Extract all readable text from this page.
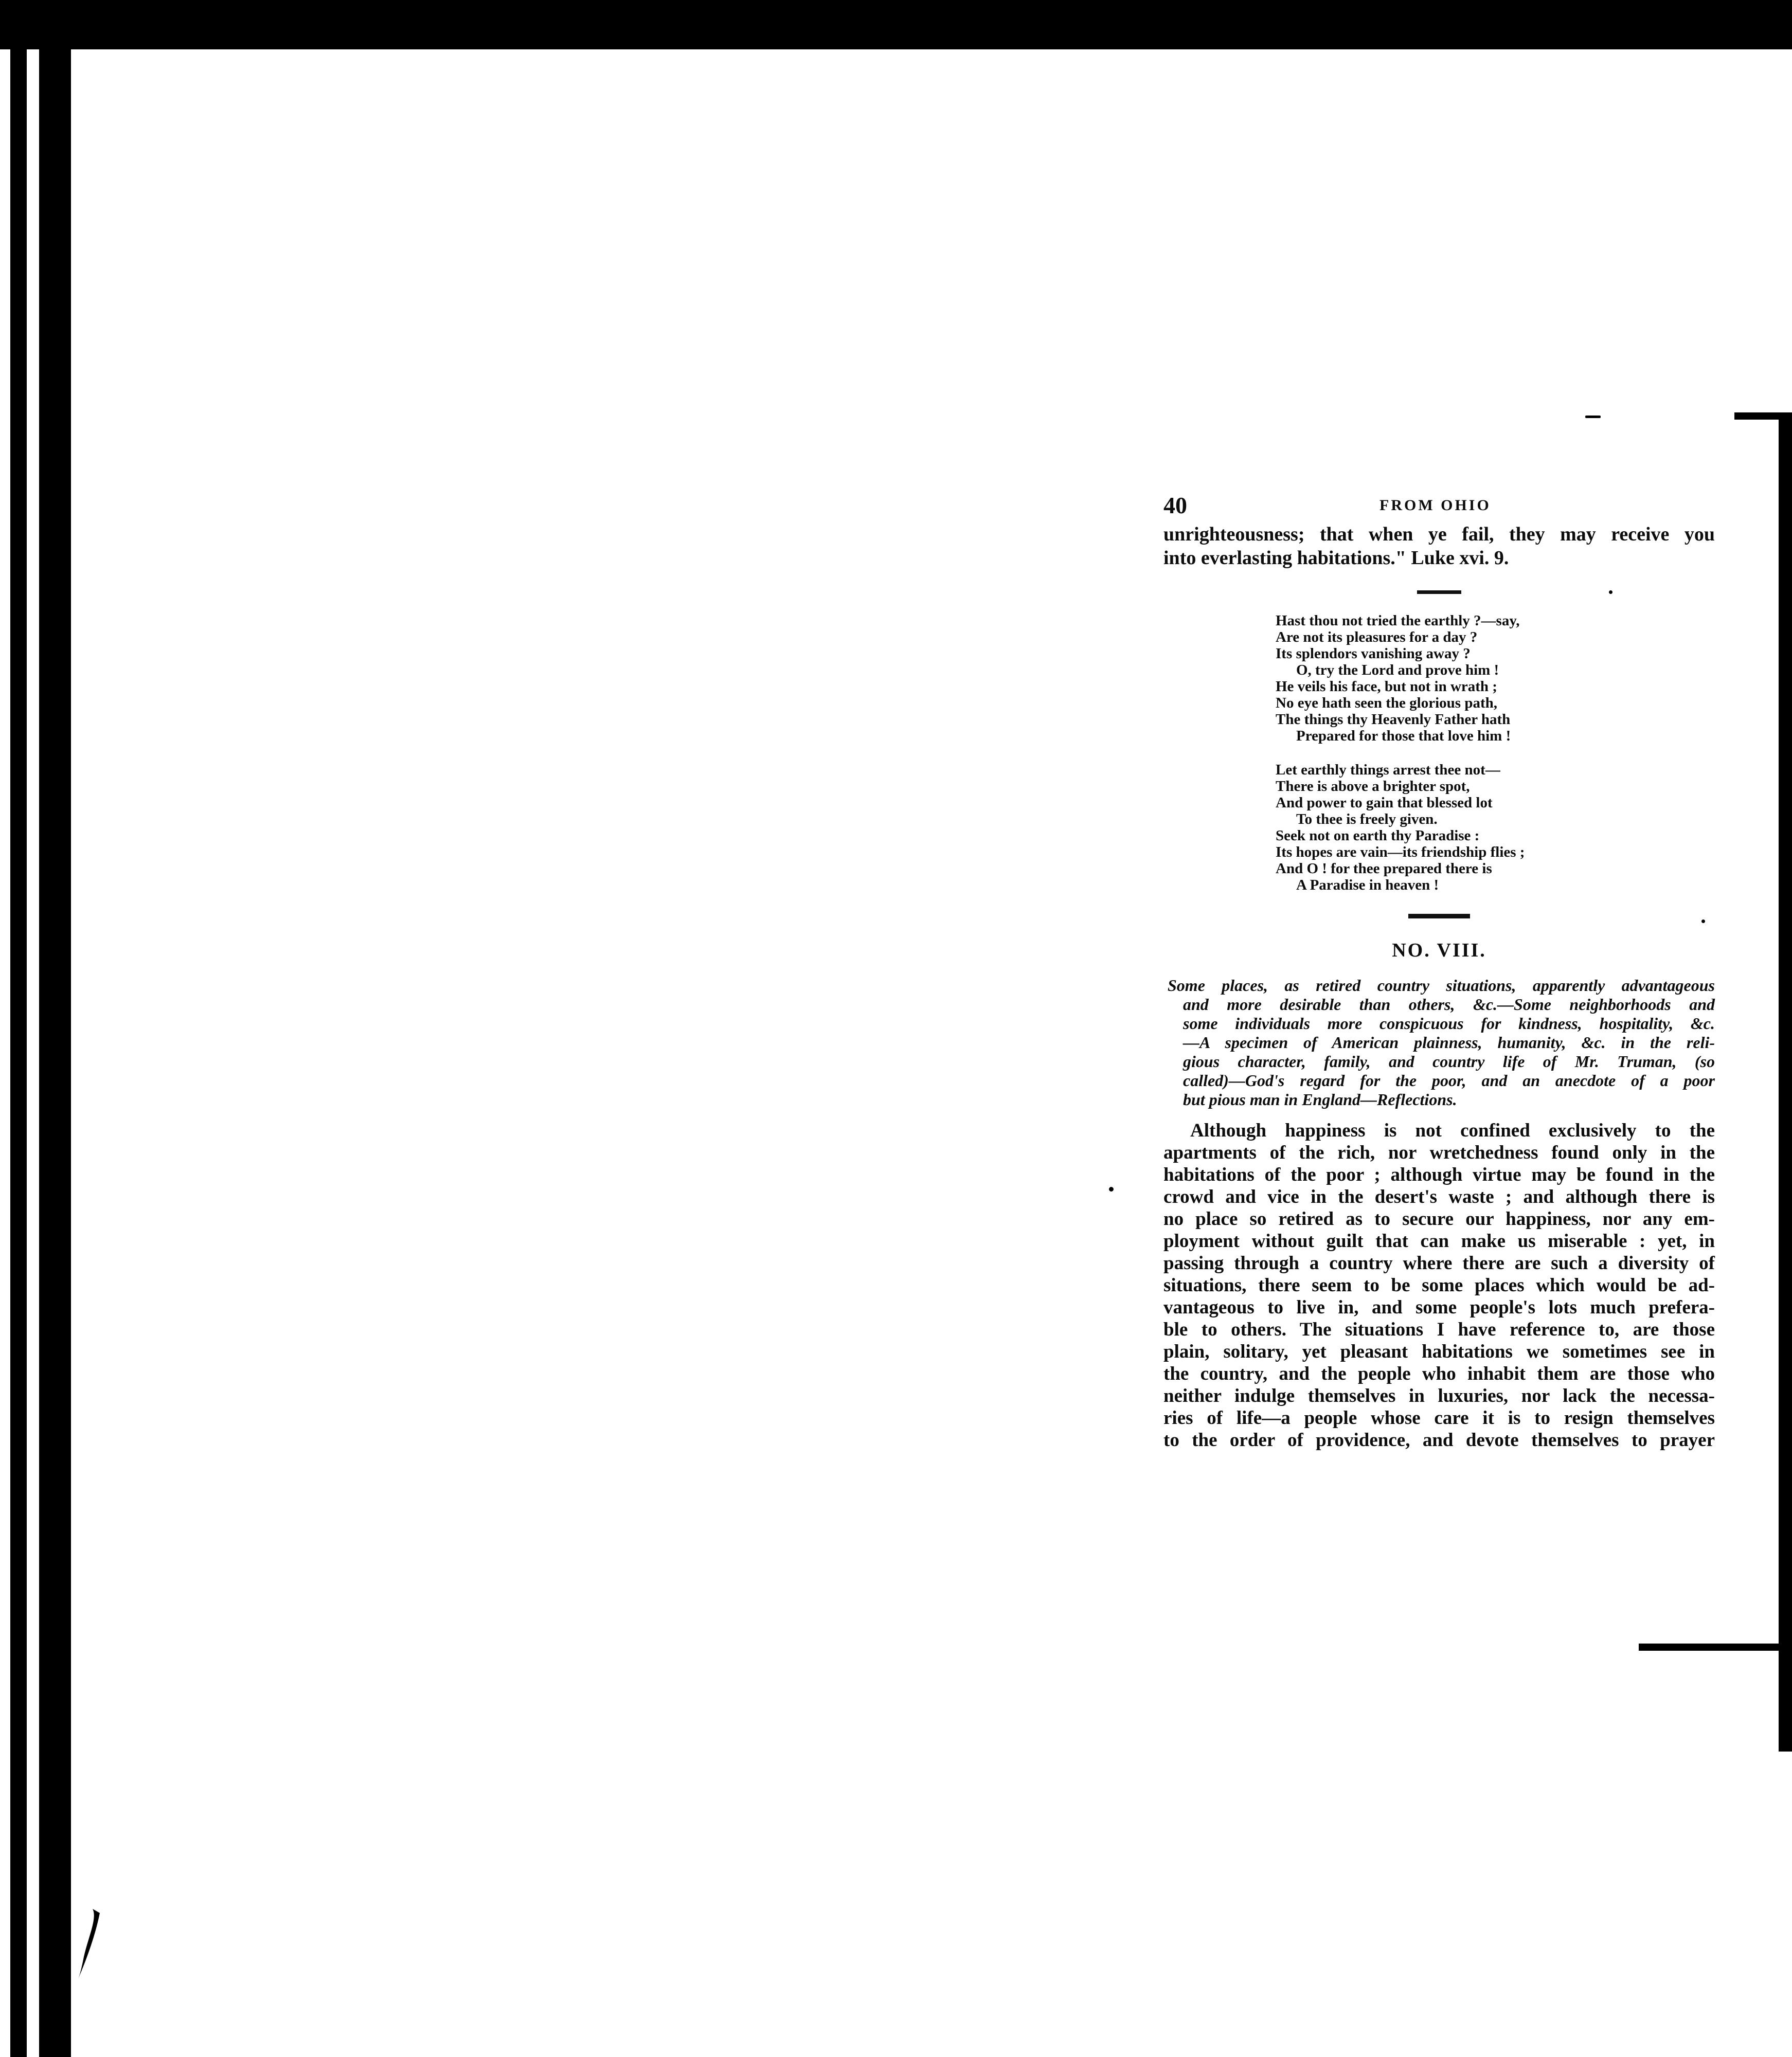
40	FROM OHIO
unrighteousness; that when ye fail, they may receive you
into everlasting habitations." Luke xvi. 9.
Hast thou not tried the earthly ?—say,
Are not its pleasures for a day ?
Its splendors vanishing away ?
O, try the Lord and prove him !
He veils his face, but not in wrath ;
No eye hath seen the glorious path,
The things thy Heavenly Father hath
Prepared for those that love him !
Let earthly things arrest thee not—
There is above a brighter spot,
And power to gain that blessed lot
To thee is freely given.
Seek not on earth thy Paradise :
Its hopes are vain—its friendship flies ;
And O ! for thee prepared there is
A Paradise in heaven !
NO. VIII.
Some places, as retired country situations, apparently advantageous
and more desirable than others, &c.—Some neighborhoods and
some individuals more conspicuous for kindness, hospitality, &c.
—A specimen of American plainness, humanity, &c. in the reli-
gious character, family, and country life of Mr. Truman, (so
called)—God's regard for the poor, and an anecdote of a poor
but pious man in England—Reflections.
Although happiness is not confined exclusively to the
apartments of the rich, nor wretchedness found only in the
habitations of the poor ; although virtue may be found in the
crowd and vice in the desert's waste ; and although there is
no place so retired as to secure our happiness, nor any em-
ployment without guilt that can make us miserable : yet, in
passing through a country where there are such a diversity of
situations, there seem to be some places which would be ad-
vantageous to live in, and some people's lots much prefera-
ble to others. The situations I have reference to, are those
plain, solitary, yet pleasant habitations we sometimes see in
the country, and the people who inhabit them are those who
neither indulge themselves in luxuries, nor lack the necessa-
ries of life—a people whose care it is to resign themselves
to the order of providence, and devote themselves to prayer
